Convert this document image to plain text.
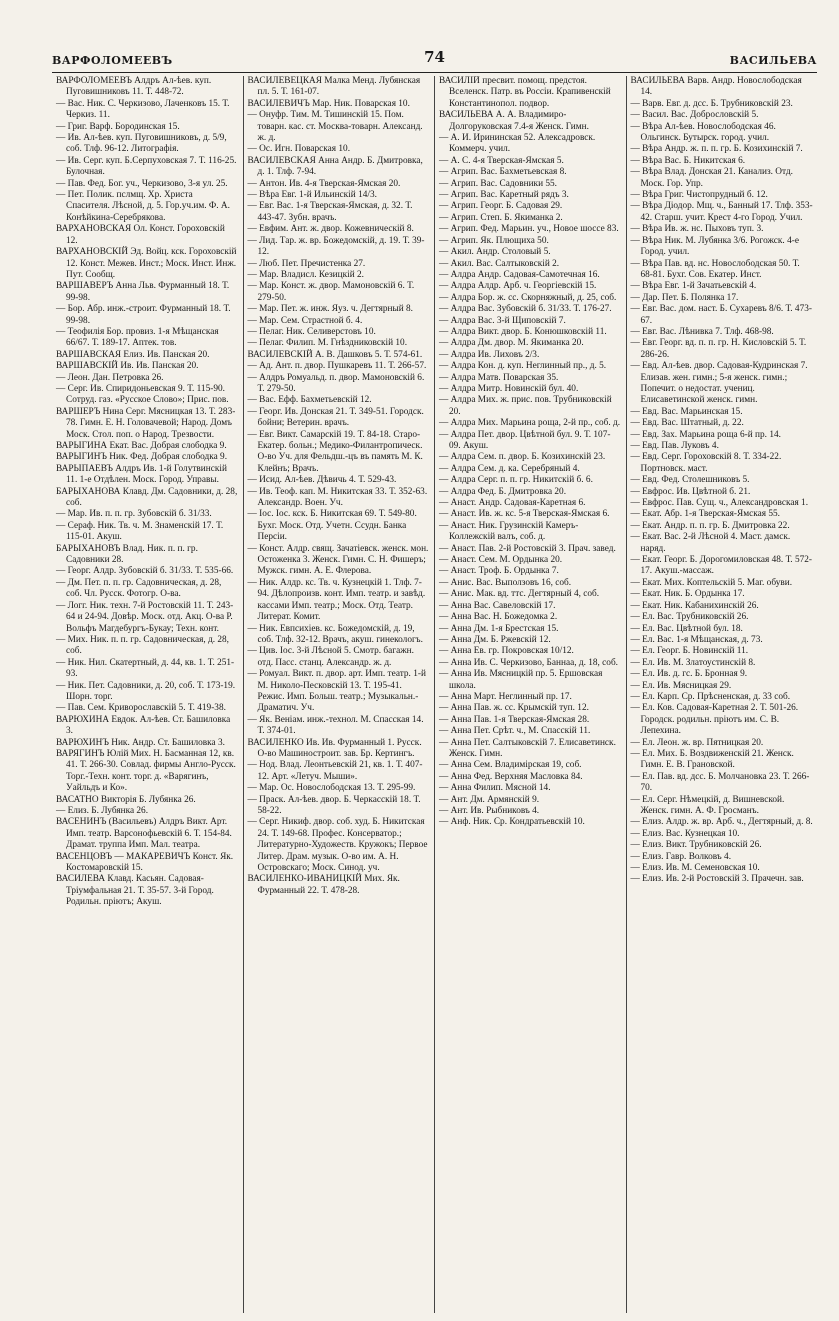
ВАРФОЛОМЕЕВЪ	74	ВАСИЛЬЕВА

ВАРФОЛОМЕЕВЪ Алдръ Ал-ѣев. куп. Пуговишниковъ 11. Т. 448-72.

— Вас. Ник. С. Черкизово, Лаченковъ 15. Т. Черкиз. 11.

— Григ. Варф. Бородинская 15.

— Ив. Ал-ѣев. куп. Пуговишниковъ, д. 5/9, соб. Тлф. 96-12. Литографія.

— Ив. Серг. куп. Б.Серпуховская 7. Т. 116-25. Булочная.

— Пав. Фед. Бог. уч., Черкизово, 3-я ул. 25.

— Пет. Полик. пслмщ. Хр. Христа Спасителя. Лѣсной, д. 5. Гор.уч.им. Ф. А. Конѣйкина-Серебряковa.

ВАРХАНОВСКАЯ Ол. Конст. Гороховскій 12.

ВАРХАНОВСКІЙ Эд. Войц. кск. Гороховскій 12. Конст. Межев. Инст.; Моск. Инст. Инж. Пут. Сообщ.

ВАРШАВЕРЪ Анна Льв. Фурманный 18. Т. 99-98.

— Бор. Абр. инж.-строит. Фурманный 18. Т. 99-98.

— Теофилія Бор. провиз. 1-я Мѣщанская 66/67. Т. 189-17. Аптек. тов.

ВАРШАВСКАЯ Елиз. Ив. Панская 20.

ВАРШАВСКІЙ Ив. Ив. Панская 20.

— Леон. Дан. Петровка 26.

— Серг. Ив. Спиридоньевская 9. Т. 115-90. Сотруд. газ. «Русское Слово»; Прис. пов.

ВАРШЕРЪ Нина Серг. Мясницкая 13. Т. 283-78. Гимн. Е. Н. Головачевой; Народ. Домъ Моск. Стол. поп. о Народ. Трезвости.

ВАРЫГИНА Екат. Вас. Добрая слободка 9.

ВАРЫГИНЪ Ник. Фед. Добрая слободка 9.

ВАРЫПАЕВЪ Алдръ Ив. 1-й Голутвинскій 11. 1-е Отдѣлен. Моск. Город. Управы.

БАРЫХАНОВА Клавд. Дм. Садовники, д. 28, соб.

— Мар. Ив. п. п. гр. Зубовскій б. 31/33.

— Сераф. Ник. Тв. ч. М. Знаменскій 17. Т. 115-01. Акуш.

БАРЫХАНОВЪ Влад. Ник. п. п. гр. Садовники 28.

— Георг. Алдр. Зубовскій б. 31/33. Т. 535-66.

— Дм. Пет. п. п. гр. Садовническая, д. 28, соб. Чл. Русск. Фотогр. О-ва.

— Логг. Ник. техн. 7-й Ростовскій 11. Т. 243-64 и 24-94. Довѣр. Моск. отд. Акц. О-ва Р. Вольфъ Магдебургъ-Букау; Техн. конт.

— Мих. Ник. п. п. гр. Садовническая, д. 28, соб.

— Ник. Нил. Скатертный, д. 44, кв. 1. Т. 251-93.

— Ник. Пет. Садовники, д. 20, соб. Т. 173-19. Шорн. торг.

— Пав. Сем. Криворославскій 5. Т. 419-38.

ВАРЮХИНА Евдок. Ал-ѣев. Ст. Башиловка 3.

ВАРЮХИНЪ Ник. Андр. Ст. Башиловка 3.

ВАРЯГИНЪ Юлій Мих. Н. Басманная 12, кв. 41. Т. 266-30. Совлад. фирмы Англо-Русск. Торг.-Техн. конт. торг. д. «Варягинъ, Уайльдъ и Ко».

ВАСАТНО Викторія Б. Лубянка 26.

— Елиз. Б. Лубянка 26.

ВАСЕНИНЪ (Васильевъ) Алдръ Викт. Арт. Имп. театр. Варсонофьевскій 6. Т. 154-84. Драмат. труппа Имп. Мал. театра.

ВАСЕНЦОВЪ — МАКАРЕВИЧЪ Конст. Як. Костомаровскій 15.

ВАСИЛЕВА Клавд. Касьян. Садовая-Тріумфальная 21. Т. 35-57. 3-й Город. Родильн. пріютъ; Акуш.

ВАСИЛЕВЕЦКАЯ Малка Менд. Лубянская пл. 5. Т. 161-07.

ВАСИЛЕВИЧЪ Мар. Ник. Поварская 10.

— Онуфр. Тим. М. Тишинскій 15. Пом. товарн. кас. ст. Москва-товарн. Александ. ж. д.

— Ос. Игн. Поварская 10.

ВАСИЛЕВСКАЯ Анна Андр. Б. Дмитровка, д. 1. Тлф. 7-94.

— Антон. Ив. 4-я Тверская-Ямская 20.

— Вѣра Евг. 1-й Ильинскій 14/3.

— Евг. Вас. 1-я Тверская-Ямская, д. 32. Т. 443-47. Зубн. врачъ.

— Евфим. Ант. ж. двор. Кожевническій 8.

— Лид. Тар. ж. вр. Божедомскій, д. 19. Т. 39-12.

— Люб. Пет. Пречистенка 27.

— Мар. Владисл. Кезицкій 2.

— Мар. Конст. ж. двор. Мамоновскій 6. Т. 279-50.

— Мар. Пет. ж. инж. Яуз. ч. Дегтярный 8.

— Мар. Сем. Страстной б. 4.

— Пелаг. Ник. Селиверстовъ 10.

— Пелаг. Филип. М. Гнѣздниковскій 10.

ВАСИЛЕВСКІЙ А. В. Дашковъ 5. Т. 574-61.

— Ад. Ант. п. двор. Пушкаревъ 11. Т. 266-57.

— Алдръ Ромуальд. п. двор. Мамоновскій 6. Т. 279-50.

— Вас. Ефф. Бахметьевскій 12.

— Георг. Ив. Донская 21. Т. 349-51. Городск. бойни; Ветерин. врачъ.

— Евг. Викт. Самарскій 19. Т. 84-18. Старо-Екатер. больн.; Медико-Филантропическ. О-во Уч. для Фельдш.-цъ въ память М. К. Клейнъ; Врачъ.

— Исид. Ал-ѣев. Дѣвичь 4. Т. 529-43.

— Ив. Теоф. кап. М. Никитская 33. Т. 352-63. Александр. Воен. Уч.

— Іос. Іос. кск. Б. Никитская 69. Т. 549-80. Бухг. Моск. Отд. Учетн. Ссудн. Банка Персіи.

— Конст. Алдр. свящ. Зачатіевск. женск. мон. Остоженка 3. Женск. Гимн. С. Н. Фишеръ; Мужск. гимн. А. Е. Флерова.

— Ник. Алдр. кс. Тв. ч. Кузнецкій 1. Тлф. 7-94. Дѣлопроизв. конт. Имп. театр. и завѣд. кассами Имп. театр.; Моск. Отд. Театр. Литерат. Комит.

— Ник. Евпсихіев. кс. Божедомскій, д. 19, соб. Тлф. 32-12. Врачъ, акуш. гинекологъ.

— Цив. Іос. 3-й Лѣсной 5. Смотр. багажн. отд. Пасс. станц. Александр. ж. д.

— Ромуал. Викт. п. двор. арт. Имп. театр. 1-й М. Николо-Песковскій 13. Т. 195-41. Режис. Имп. Больш. театр.; Музыкальн.-Драматич. Уч.

— Як. Веніам. инж.-технол. М. Спасская 14. Т. 374-01.

ВАСИЛЕНКО Ив. Ив. Фурманный 1. Русск. О-во Машиностроит. зав. Бр. Кертингъ.

— Нод. Влад. Леонтьевскій 21, кв. 1. Т. 407-12. Арт. «Летуч. Мыши».

— Мар. Ос. Новослободская 13. Т. 295-99.

— Праск. Ал-ѣев. двор. Б. Черкасскій 18. Т. 58-22.

— Серг. Никиф. двор. соб. худ. Б. Никитская 24. Т. 149-68. Профес. Консерватор.; Литературно-Художеств. Кружокъ; Первое Литер. Драм. музык. О-во им. А. Н. Островскаго; Моск. Синод. уч.

ВАСИЛЕНКО-ИВАНИЦКІЙ Мих. Як. Фурманный 22. Т. 478-28.

ВАСИЛІЙ пресвит. помощ. предстоя. Вселенск. Патр. въ Россіи. Крапивенскій Константинопол. подвор.

ВАСИЛЬЕВА А. А. Владимиро-Долгоруковская 7.4-я Женск. Гимн.

— А. И. Ирининская 52. Алексадровск. Коммерч. учил.

— А. С. 4-я Тверская-Ямская 5.

— Агрип. Вас. Бахметьевская 8.

— Агрип. Вас. Садовники 55.

— Агрип. Вас. Каретный рядъ 3.

— Агрип. Георг. Б. Садовая 29.

— Агрип. Степ. Б. Якиманка 2.

— Агрип. Фед. Марьин. уч., Новое шоссе 83.

— Агрип. Як. Плющиха 50.

— Акил. Андр. Столовый 5.

— Акил. Вас. Салтыковскій 2.

— Алдра Андр. Садовая-Самотечная 16.

— Алдра Алдр. Арб. ч. Георгіевскій 15.

— Алдра Бор. ж. сс. Скорняжный, д. 25, соб.

— Алдра Вас. Зубовскій б. 31/33. Т. 176-27.

— Алдра Вас. 3-й Щиповскій 7.

— Алдра Викт. двор. Б. Конюшковскій 11.

— Алдра Дм. двор. М. Якиманка 20.

— Алдра Ив. Лиховъ 2/3.

— Алдра Кон. д. куп. Неглинный пр., д. 5.

— Алдра Матв. Поварская 35.

— Алдра Митр. Новинскій бул. 40.

— Алдра Мих. ж. прис. пов. Трубниковскій 20.

— Алдра Мих. Марьина роща, 2-й пр., соб. д.

— Алдра Пет. двор. Цвѣтной бул. 9. Т. 107-09. Акуш.

— Алдра Сем. п. двор. Б. Козихинскій 23.

— Алдра Сем. д. ка. Серебряный 4.

— Алдра Серг. п. п. гр. Никитскій б. 6.

— Алдра Фед. Б. Дмитровка 20.

— Анаст. Андр. Садовая-Каретная 6.

— Анаст. Ив. ж. кс. 5-я Тверская-Ямская 6.

— Анаст. Ник. Грузинскій Камеръ-Коллежскій валъ, соб. д.

— Анаст. Пав. 2-й Ростовскій 3. Прач. завед.

— Анаст. Сем. М. Ордынка 20.

— Анаст. Троф. Б. Ордынка 7.

— Анис. Вас. Выползовъ 16, соб.

— Анис. Мак. вд. ттс. Дегтярный 4, соб.

— Анна Вас. Савеловскій 17.

— Анна Вас. Н. Божедомка 2.

— Анна Дм. 1-я Брестская 15.

— Анна Дм. Б. Ржевскій 12.

— Анна Ев. гр. Покровская 10/12.

— Анна Ив. С. Черкизово, Баннаа, д. 18, соб.

— Анна Ив. Мясницкій пр. 5. Ершовская школа.

— Анна Март. Неглинный пр. 17.

— Анна Пав. ж. сс. Крымскій туп. 12.

— Анна Пав. 1-я Тверская-Ямская 28.

— Анна Пет. Срѣт. ч., М. Спасскій 11.

— Анна Пет. Салтыковскій 7. Елисаветинск. Женск. Гимн.

— Анна Сем. Владимірская 19, соб.

— Анна Фед. Верхняя Масловка 84.

— Анна Филип. Мясной 14.

— Ант. Дм. Армянскій 9.

— Ант. Ив. Рыбниковъ 4.

— Анф. Ник. Ср. Кондратьевскій 10.

ВАСИЛЬЕВА Варв. Андр. Новослободская 14.

— Варв. Евг. д. дсс. Б. Трубниковскій 23.

— Васил. Вас. Добрословскій 5.

— Вѣра Ал-ѣев. Новослободская 46. Ольгинск. Бутырск. город. учил.

— Вѣра Андр. ж. п. п. гр. Б. Козихинскій 7.

— Вѣра Вас. Б. Никитская 6.

— Вѣра Влад. Донская 21. Канализ. Отд. Моск. Гор. Упр.

— Вѣра Григ. Чистопрудный б. 12.

— Вѣра Діодор. Мщ. ч., Банный 17. Тлф. 353-42. Старш. учит. Крест 4-го Город. Учил.

— Вѣра Ив. ж. нс. Пыховъ туп. 3.

— Вѣра Ник. М. Лубянка 3/6. Рогожск. 4-е Город. учил.

— Вѣра Пав. вд. нс. Новослободская 50. Т. 68-81. Бухг. Сов. Екатер. Инст.

— Вѣра Евг. 1-й Зачатьевскій 4.

— Дар. Пет. Б. Полянка 17.

— Евг. Вас. дом. наст. Б. Сухаревъ 8/6. Т. 473-67.

— Евг. Вас. Лѣнивка 7. Тлф. 468-98.

— Евг. Георг. вд. п. п. гр. Н. Кисловскій 5. Т. 286-26.

— Евд. Ал-ѣев. двор. Садовая-Кудринская 7. Елизав. жен. гимн.; 5-я женск. гимн.; Попечит. о недостат. учениц. Елисаветинской женск. гимн.

— Евд. Вас. Марьинская 15.

— Евд. Вас. Штатный, д. 22.

— Евд. Зах. Марьина роща 6-й пр. 14.

— Евд. Пав. Луковъ 4.

— Евд. Серг. Гороховскій 8. Т. 334-22. Портновск. маст.

— Евд. Фед. Столешниковъ 5.

— Евфрос. Ив. Цвѣтной б. 21.

— Евфрос. Пав. Сущ. ч., Александровская 1.

— Екат. Абр. 1-я Тверская-Ямская 55.

— Екат. Андр. п. п. гр. Б. Дмитровка 22.

— Екат. Вас. 2-й Лѣсной 4. Маст. дамск. наряд.

— Екат. Георг. Б. Дорогомиловская 48. Т. 572-17. Акуш.-массаж.

— Екат. Мих. Коптельскій 5. Маг. обуви.

— Екат. Ник. Б. Ордынка 17.

— Екат. Ник. Кабанихинскій 26.

— Ел. Вас. Трубниковскій 26.

— Ел. Вас. Цвѣтной бул. 18.

— Ел. Вас. 1-я Мѣщанская, д. 73.

— Ел. Георг. Б. Новинскій 11.

— Ел. Ив. М. Златоустинскій 8.

— Ел. Ив. д. гс. Б. Бронная 9.

— Ел. Ив. Мясницкая 29.

— Ел. Карп. Ср. Прѣсненская, д. 33 соб.

— Ел. Ков. Садовая-Каретная 2. Т. 501-26. Городск. родильн. пріютъ им. С. В. Лепехина.

— Ел. Леон. ж. вр. Пятницкая 20.

— Ел. Мих. Б. Воздвиженскій 21. Женск. Гимн. Е. В. Грановской.

— Ел. Пав. вд. дсс. Б. Молчановка 23. Т. 266-70.

— Ел. Серг. Нѣмецкій, д. Вишневской. Женск. гимн. А. Ф. Гросманъ.

— Елиз. Алдр. ж. вр. Арб. ч., Дегтярный, д. 8.

— Елиз. Вас. Кузнецкая 10.

— Елиз. Викт. Трубниковскій 26.

— Елиз. Гавр. Волковъ 4.

— Елиз. Ив. М. Семеновская 10.

— Елиз. Ив. 2-й Ростовскій 3. Прачечн. зав.
